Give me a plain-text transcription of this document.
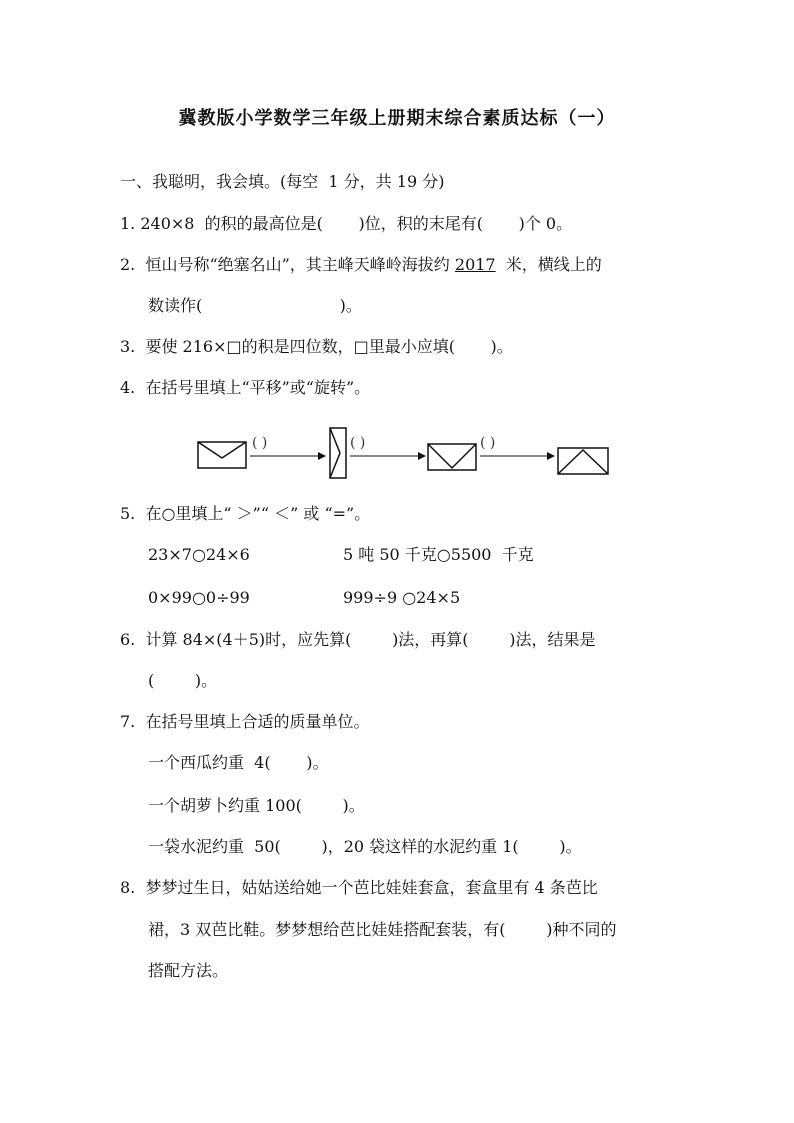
冀教版小学数学三年级上册期末综合素质达标（一）
一、我聪明，我会填。(每空  1 分，共 19 分)
1. 240×8  的积的最高位是(       )位，积的末尾有(       )个 0。
2.  恒山号称“绝塞名山”，其主峰天峰岭海拔约 2017  米，横线上的
数读作(                           )。
3.  要使 216×□的积是四位数，□里最小应填(       )。
4.  在括号里填上“平移”或“旋转”。
( )	( )	( )
5.  在○里填上“ ＞”“ ＜” 或 “=”。
23×7○24×6	5 吨 50 千克○5500  千克
0×99○0÷99	999÷9 ○24×5
6.  计算 84×(4＋5)时，应先算(        )法，再算(        )法，结果是
(        )。
7.  在括号里填上合适的质量单位。
一个西瓜约重  4(       )。
一个胡萝卜约重 100(        )。
一袋水泥约重  50(        )，20 袋这样的水泥约重 1(        )。
8.  梦梦过生日，姑姑送给她一个芭比娃娃套盒，套盒里有 4 条芭比
裙，3 双芭比鞋。梦梦想给芭比娃娃搭配套装，有(        )种不同的
搭配方法。
